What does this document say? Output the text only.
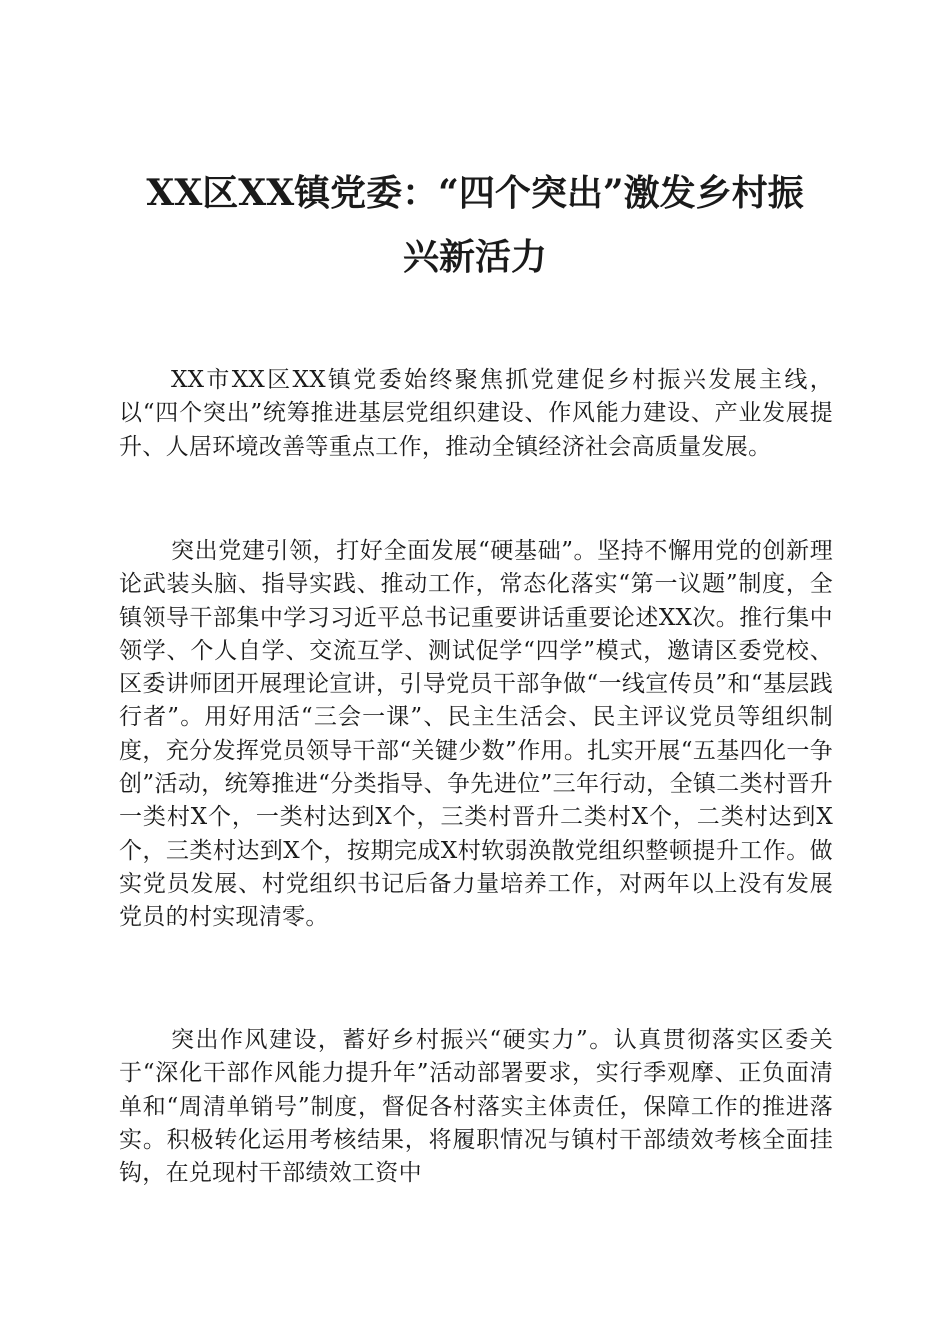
XX区XX镇党委：“四个突出”激发乡村振
兴新活力

XX市XX区XX镇党委始终聚焦抓党建促乡村振兴发展主线，以“四个突出”统筹推进基层党组织建设、作风能力建设、产业发展提升、人居环境改善等重点工作，推动全镇经济社会高质量发展。

突出党建引领，打好全面发展“硬基础”。坚持不懈用党的创新理论武装头脑、指导实践、推动工作，常态化落实“第一议题”制度，全镇领导干部集中学习习近平总书记重要讲话重要论述XX次。推行集中领学、个人自学、交流互学、测试促学“四学”模式，邀请区委党校、区委讲师团开展理论宣讲，引导党员干部争做“一线宣传员”和“基层践行者”。用好用活“三会一课”、民主生活会、民主评议党员等组织制度，充分发挥党员领导干部“关键少数”作用。扎实开展“五基四化一争创”活动，统筹推进“分类指导、争先进位”三年行动，全镇二类村晋升一类村X个，一类村达到X个，三类村晋升二类村X个，二类村达到X个，三类村达到X个，按期完成X村软弱涣散党组织整顿提升工作。做实党员发展、村党组织书记后备力量培养工作，对两年以上没有发展党员的村实现清零。

突出作风建设，蓄好乡村振兴“硬实力”。认真贯彻落实区委关于“深化干部作风能力提升年”活动部署要求，实行季观摩、正负面清单和“周清单销号”制度，督促各村落实主体责任，保障工作的推进落实。积极转化运用考核结果，将履职情况与镇村干部绩效考核全面挂钩，在兑现村干部绩效工资中
